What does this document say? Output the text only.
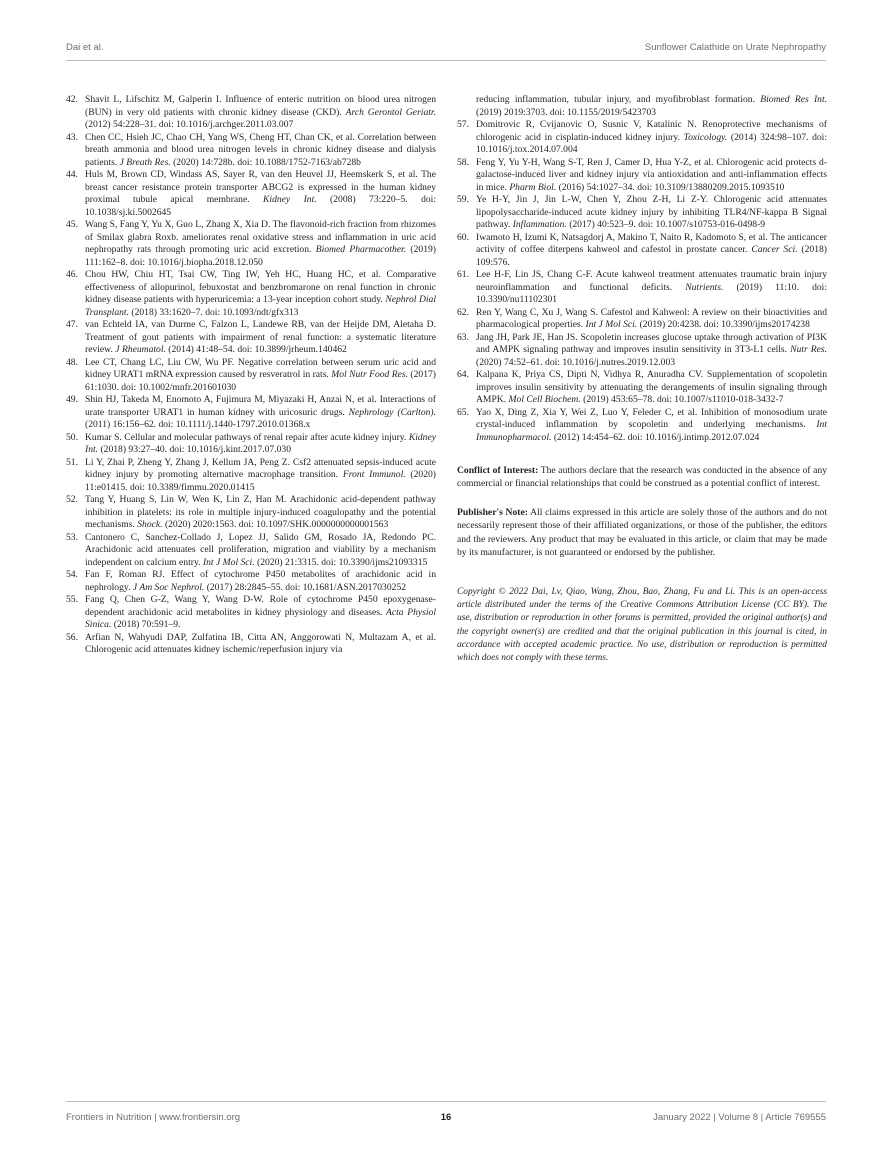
Dai et al.	Sunflower Calathide on Urate Nephropathy
42. Shavit L, Lifschitz M, Galperin I. Influence of enteric nutrition on blood urea nitrogen (BUN) in very old patients with chronic kidney disease (CKD). Arch Gerontol Geriatr. (2012) 54:228–31. doi: 10.1016/j.archger.2011.03.007
43. Chen CC, Hsieh JC, Chao CH, Yang WS, Cheng HT, Chan CK, et al. Correlation between breath ammonia and blood urea nitrogen levels in chronic kidney disease and dialysis patients. J Breath Res. (2020) 14:728b. doi: 10.1088/1752-7163/ab728b
44. Huls M, Brown CD, Windass AS, Sayer R, van den Heuvel JJ, Heemskerk S, et al. The breast cancer resistance protein transporter ABCG2 is expressed in the human kidney proximal tubule apical membrane. Kidney Int. (2008) 73:220–5. doi: 10.1038/sj.ki.5002645
45. Wang S, Fang Y, Yu X, Guo L, Zhang X, Xia D. The flavonoid-rich fraction from rhizomes of Smilax glabra Roxb. ameliorates renal oxidative stress and inflammation in uric acid nephropathy rats through promoting uric acid excretion. Biomed Pharmacother. (2019) 111:162–8. doi: 10.1016/j.biopha.2018.12.050
46. Chou HW, Chiu HT, Tsai CW, Ting IW, Yeh HC, Huang HC, et al. Comparative effectiveness of allopurinol, febuxostat and benzbromarone on renal function in chronic kidney disease patients with hyperuricemia: a 13-year inception cohort study. Nephrol Dial Transplant. (2018) 33:1620–7. doi: 10.1093/ndt/gfx313
47. van Echteld IA, van Durme C, Falzon L, Landewe RB, van der Heijde DM, Aletaha D. Treatment of gout patients with impairment of renal function: a systematic literature review. J Rheumatol. (2014) 41:48–54. doi: 10.3899/jrheum.140462
48. Lee CT, Chang LC, Liu CW, Wu PF. Negative correlation between serum uric acid and kidney URAT1 mRNA expression caused by resveratrol in rats. Mol Nutr Food Res. (2017) 61:1030. doi: 10.1002/mnfr.201601030
49. Shin HJ, Takeda M, Enomoto A, Fujimura M, Miyazaki H, Anzai N, et al. Interactions of urate transporter URAT1 in human kidney with uricosuric drugs. Nephrology (Carlton). (2011) 16:156–62. doi: 10.1111/j.1440-1797.2010.01368.x
50. Kumar S. Cellular and molecular pathways of renal repair after acute kidney injury. Kidney Int. (2018) 93:27–40. doi: 10.1016/j.kint.2017.07.030
51. Li Y, Zhai P, Zheng Y, Zhang J, Kellum JA, Peng Z. Csf2 attenuated sepsis-induced acute kidney injury by promoting alternative macrophage transition. Front Immunol. (2020) 11:e01415. doi: 10.3389/fimmu.2020.01415
52. Tang Y, Huang S, Lin W, Wen K, Lin Z, Han M. Arachidonic acid-dependent pathway inhibition in platelets: its role in multiple injury-induced coagulopathy and the potential mechanisms. Shock. (2020) 2020:1563. doi: 10.1097/SHK.0000000000001563
53. Cantonero C, Sanchez-Collado J, Lopez JJ, Salido GM, Rosado JA, Redondo PC. Arachidonic acid attenuates cell proliferation, migration and viability by a mechanism independent on calcium entry. Int J Mol Sci. (2020) 21:3315. doi: 10.3390/ijms21093315
54. Fan F, Roman RJ. Effect of cytochrome P450 metabolites of arachidonic acid in nephrology. J Am Soc Nephrol. (2017) 28:2845–55. doi: 10.1681/ASN.2017030252
55. Fang Q, Chen G-Z, Wang Y, Wang D-W. Role of cytochrome P450 epoxygenase-dependent arachidonic acid metabolites in kidney physiology and diseases. Acta Physiol Sinica. (2018) 70:591–9.
56. Arfian N, Wahyudi DAP, Zulfatina IB, Citta AN, Anggorowati N, Multazam A, et al. Chlorogenic acid attenuates kidney ischemic/reperfusion injury via
reducing inflammation, tubular injury, and myofibroblast formation. Biomed Res Int. (2019) 2019:3703. doi: 10.1155/2019/5423703
57. Domitrovic R, Cvijanovic O, Susnic V, Katalinic N. Renoprotective mechanisms of chlorogenic acid in cisplatin-induced kidney injury. Toxicology. (2014) 324:98–107. doi: 10.1016/j.tox.2014.07.004
58. Feng Y, Yu Y-H, Wang S-T, Ren J, Camer D, Hua Y-Z, et al. Chlorogenic acid protects d-galactose-induced liver and kidney injury via antioxidation and anti-inflammation effects in mice. Pharm Biol. (2016) 54:1027–34. doi: 10.3109/13880209.2015.1093510
59. Ye H-Y, Jin J, Jin L-W, Chen Y, Zhou Z-H, Li Z-Y. Chlorogenic acid attenuates lipopolysaccharide-induced acute kidney injury by inhibiting TLR4/NF-kappa B Signal pathway. Inflammation. (2017) 40:523–9. doi: 10.1007/s10753-016-0498-9
60. Iwamoto H, Izumi K, Natsagdorj A, Makino T, Naito R, Kadomoto S, et al. The anticancer activity of coffee diterpens kahweol and cafestol in prostate cancer. Cancer Sci. (2018) 109:576.
61. Lee H-F, Lin JS, Chang C-F. Acute kahweol treatment attenuates traumatic brain injury neuroinflammation and functional deficits. Nutrients. (2019) 11:10. doi: 10.3390/nu11102301
62. Ren Y, Wang C, Xu J, Wang S. Cafestol and Kahweol: A review on their bioactivities and pharmacological properties. Int J Mol Sci. (2019) 20:4238. doi: 10.3390/ijms20174238
63. Jang JH, Park JE, Han JS. Scopoletin increases glucose uptake through activation of PI3K and AMPK signaling pathway and improves insulin sensitivity in 3T3-L1 cells. Nutr Res. (2020) 74:52–61. doi: 10.1016/j.nutres.2019.12.003
64. Kalpana K, Priya CS, Dipti N, Vidhya R, Anuradha CV. Supplementation of scopoletin improves insulin sensitivity by attenuating the derangements of insulin signaling through AMPK. Mol Cell Biochem. (2019) 453:65–78. doi: 10.1007/s11010-018-3432-7
65. Yao X, Ding Z, Xia Y, Wei Z, Luo Y, Feleder C, et al. Inhibition of monosodium urate crystal-induced inflammation by scopoletin and underlying mechanisms. Int Immunopharmacol. (2012) 14:454–62. doi: 10.1016/j.intimp.2012.07.024

Conflict of Interest: The authors declare that the research was conducted in the absence of any commercial or financial relationships that could be construed as a potential conflict of interest.

Publisher's Note: All claims expressed in this article are solely those of the authors and do not necessarily represent those of their affiliated organizations, or those of the publisher, the editors and the reviewers. Any product that may be evaluated in this article, or claim that may be made by its manufacturer, is not guaranteed or endorsed by the publisher.

Copyright © 2022 Dai, Lv, Qiao, Wang, Zhou, Bao, Zhang, Fu and Li. This is an open-access article distributed under the terms of the Creative Commons Attribution License (CC BY). The use, distribution or reproduction in other forums is permitted, provided the original author(s) and the copyright owner(s) are credited and that the original publication in this journal is cited, in accordance with accepted academic practice. No use, distribution or reproduction is permitted which does not comply with these terms.

Frontiers in Nutrition | www.frontiersin.org	16	January 2022 | Volume 8 | Article 769555
